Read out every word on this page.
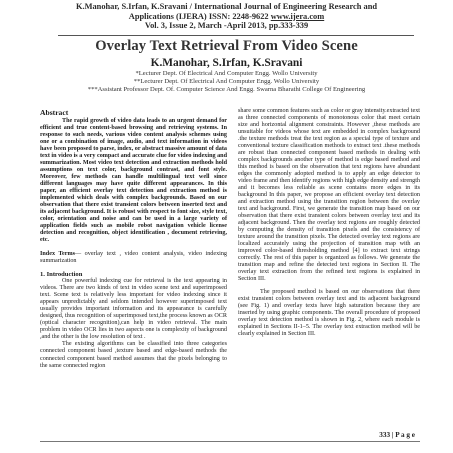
K.Manohar, S.Irfan, K.Sravani / International Journal of Engineering Research and
Applications (IJERA) ISSN: 2248-9622 www.ijera.com
Vol. 3, Issue 2, March -April 2013, pp.333-339
Overlay Text Retrieval From Video Scene
K.Manohar, S.Irfan, K.Sravani
*Lecturer Dept. Of Electrical And Computer Engg. Wollo University
**Lecturer Dept. Of Electrical And Computer Engg. Wollo University
***Assistant Professor Dept. Of. Computer Science And Engg. Swarna Bharathi College Of Engineering
Abstract

The rapid growth of video data leads to an urgent demand for efficient and true content-based browsing and retrieving systems. In response to such needs, various video content analysis schemes using one or a combination of image, audio, and text information in videos have been proposed to parse, index, or abstract massive amount of data text in video is a very compact and accurate clue for video indexing and summarization. Most video text detection and extraction methods hold assumptions on text color, background contrast, and font style. Moreover, few methods can handle multilingual text well since different languages may have quite different appearances. In this paper, an efficient overlay text detection and extraction method is implemented which deals with complex backgrounds. Based on our observation that there exist transient colors between inserted text and its adjacent background. It is robust with respect to font size, style text, color, orientation and noise and can be used in a large variety of application fields such as mobile robot navigation vehicle license detection and recognition, object identification , document retrieving, etc.

Index Terms— overlay text , video content analysis, video indexing summarization

1. Introduction

One powerful indexing cue for retrieval is the text appearing in videos. There are two kinds of text in video scene text and superimposed text. Scene text is relatively less important for video indexing since it appears unpredictably and seldom intended however superimposed text usually provides important information and its appearance is carefully designed, thus recognition of superimposed text,the process known as OCR (optical character recognition),can help in video retrieval. The main problem in video OCR lies in two aspects one is complexity of background ,and the other is the low resolution of text .

The existing algorithms can be classified into three categories connected component based ,texture based and edge-based methods the connected component based method assumes that the pixels belonging to the same connected region

share some common features such as color or gray intensity.extracted text as three connected components of monotonous color that meet certain size and horizontal alignment constraints. However ,these methods are unsuitable for videos whose text are embedded in complex background .the texture methods treat the text region as a special type of texture and conventional texture classification methods to extract text .these methods are robust than connected component based methods in dealing with complex backgrounds another type of method is edge based method and this method is based on the observation that text regions have abundant edges the commonly adopted method is to apply an edge detector to video frame and then identify regions with high edge density and strength and it becomes less reliable as scene contains more edges in its background In this paper, we propose an efficient overlay text detection and extraction method using the transition region between the overlay text and background. First, we generate the transition map based on our observation that there exist transient colors between overlay text and its adjacent background. Then the overlay text regions are roughly detected by computing the density of transition pixels and the consistency of texture around the transition pixels. The detected overlay text regions are localized accurately using the projection of transition map with an improved color-based thresholding method [4] to extract text strings correctly. The rest of this paper is organized as follows. We generate the transition map and refine the detected text regions in Section II. The overlay text extraction from the refined text regions is explained in Section III.

The proposed method is based on our observations that there exist transient colors between overlay text and its adjacent background (see Fig. 1) and overlay texts have high saturation because they are inserted by using graphic components. The overall procedure of proposed overlay text detection method is shown in Fig. 2, where each module is explained in Sections II-1–5. The overlay text extraction method will be clearly explained in Section III.

333 | P a g e
